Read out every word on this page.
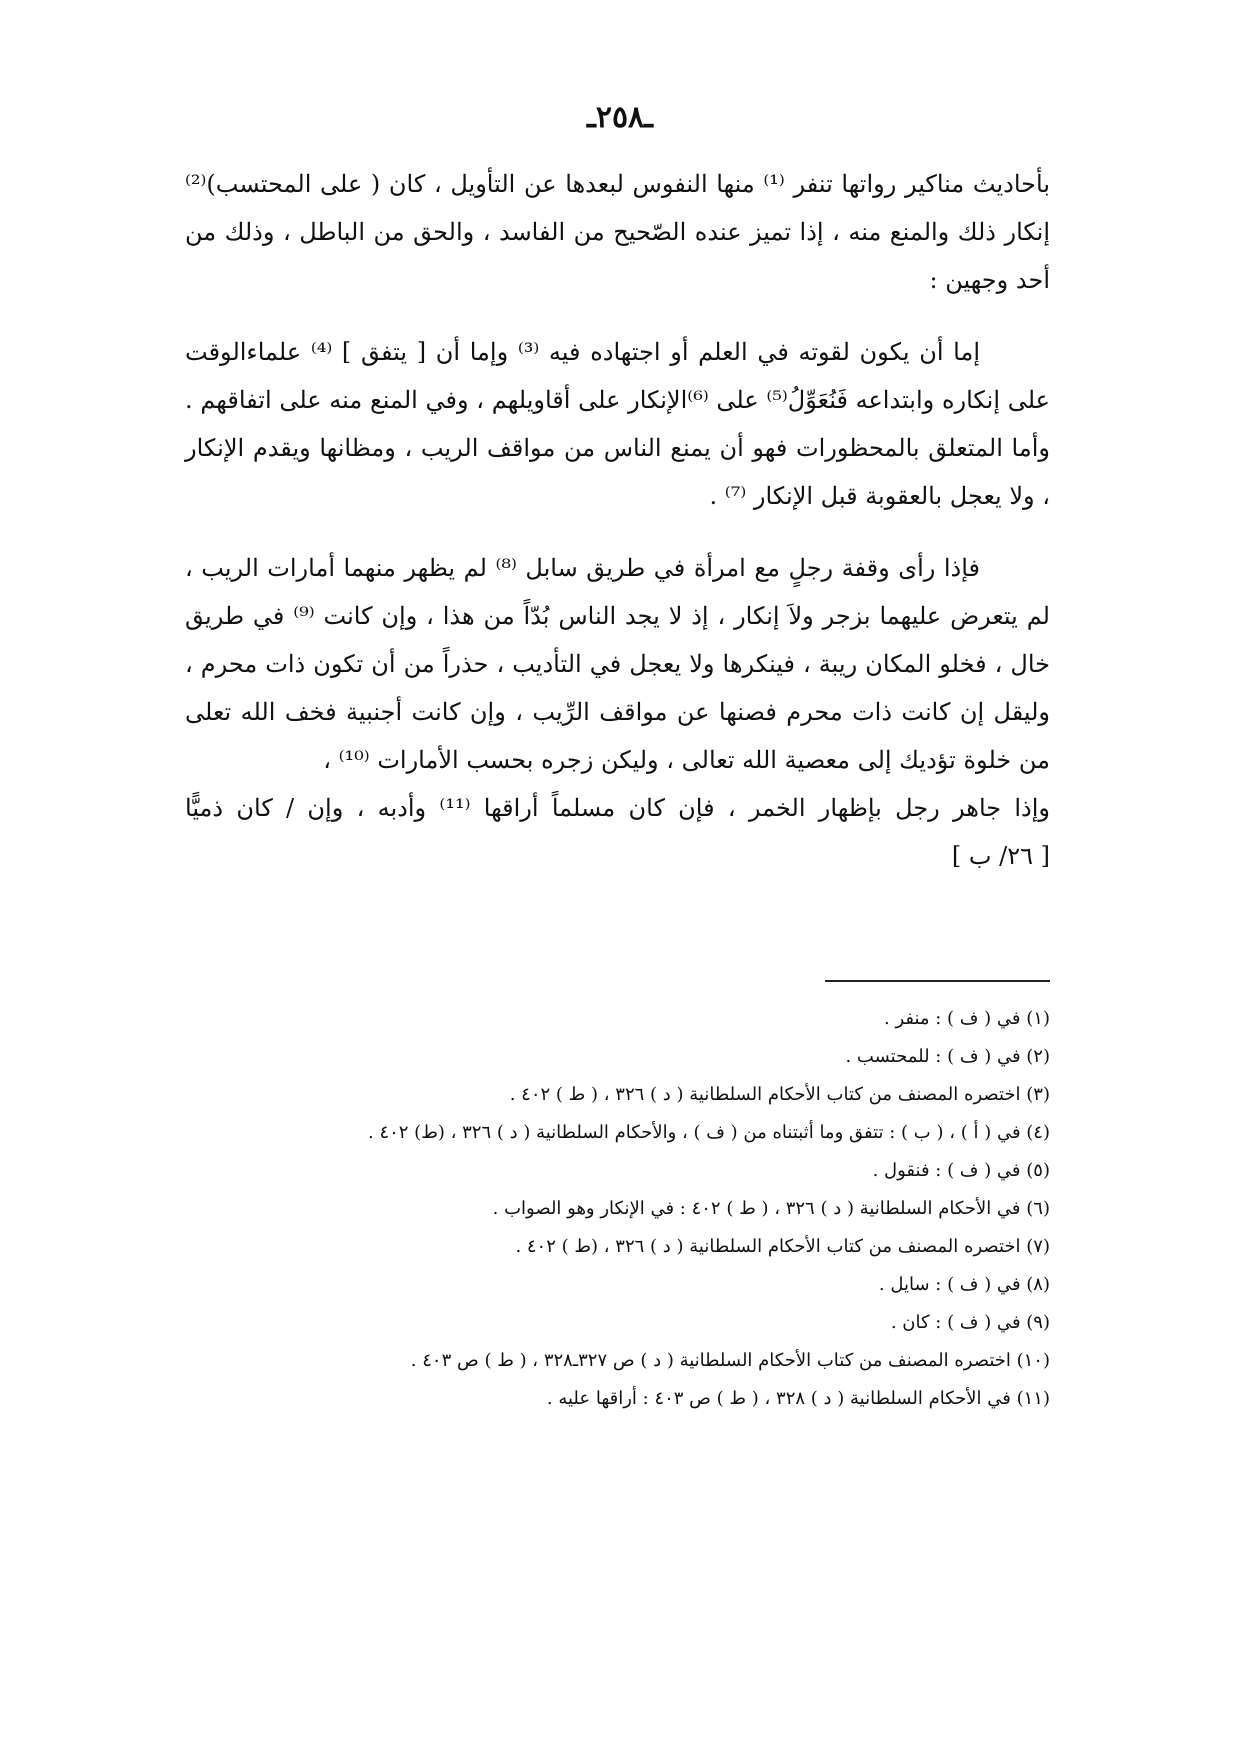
ـ٢٥٨ـ

بأحاديث مناكير رواتها تنفر ⁽¹⁾ منها النفوس لبعدها عن التأويل ، كان ( على المحتسب)⁽²⁾ إنكار ذلك والمنع منه ، إذا تميز عنده الصّحيح من الفاسد ، والحق من الباطل ، وذلك من أحد وجهين :

إما أن يكون لقوته في العلم أو اجتهاده فيه ⁽³⁾ وإما أن [ يتفق ] ⁽⁴⁾ علماءالوقت على إنكاره وابتداعه فَنُعَوِّلُ⁽⁵⁾ على ⁽⁶⁾الإنكار على أقاويلهم ، وفي المنع منه على اتفاقهم . وأما المتعلق بالمحظورات فهو أن يمنع الناس من مواقف الريب ، ومظانها ويقدم الإنكار ، ولا يعجل بالعقوبة قبل الإنكار ⁽⁷⁾ .

فإذا رأى وقفة رجلٍ مع امرأة في طريق سابل ⁽⁸⁾ لم يظهر منهما أمارات الريب ، لم يتعرض عليهما بزجر ولاَ إنكار ، إذ لا يجد الناس بُدّاً من هذا ، وإن كانت ⁽⁹⁾ في طريق خال ، فخلو المكان ريبة ، فينكرها ولا يعجل في التأديب ، حذراً من أن تكون ذات محرم ، وليقل إن كانت ذات محرم فصنها عن مواقف الرِّيب ، وإن كانت أجنبية فخف الله تعلى من خلوة تؤديك إلى معصية الله تعالى ، وليكن زجره بحسب الأمارات ⁽¹⁰⁾ ،

وإذا جاهر رجل بإظهار الخمر ، فإن كان مسلماً أراقها ⁽¹¹⁾ وأدبه ، وإن / كان ذميًّا [ ٢٦/ ب ]

(١) في ( ف ) : منفر .

(٢) في ( ف ) : للمحتسب .

(٣) اختصره المصنف من كتاب الأحكام السلطانية ( د ) ٣٢٦ ، ( ط ) ٤٠٢ .

(٤) في ( أ ) ، ( ب ) : تتفق وما أثبتناه من ( ف ) ، والأحكام السلطانية ( د ) ٣٢٦ ، (ط) ٤٠٢ .

(٥) في ( ف ) : فنقول .

(٦) في الأحكام السلطانية ( د ) ٣٢٦ ، ( ط ) ٤٠٢ : في الإنكار وهو الصواب .

(٧) اختصره المصنف من كتاب الأحكام السلطانية ( د ) ٣٢٦ ، (ط ) ٤٠٢ .

(٨) في ( ف ) : سايل .

(٩) في ( ف ) : كان .

(١٠) اختصره المصنف من كتاب الأحكام السلطانية ( د ) ص ٣٢٧ـ٣٢٨ ، ( ط ) ص ٤٠٣ .

(١١) في الأحكام السلطانية ( د ) ٣٢٨ ، ( ط ) ص ٤٠٣ : أراقها عليه .
